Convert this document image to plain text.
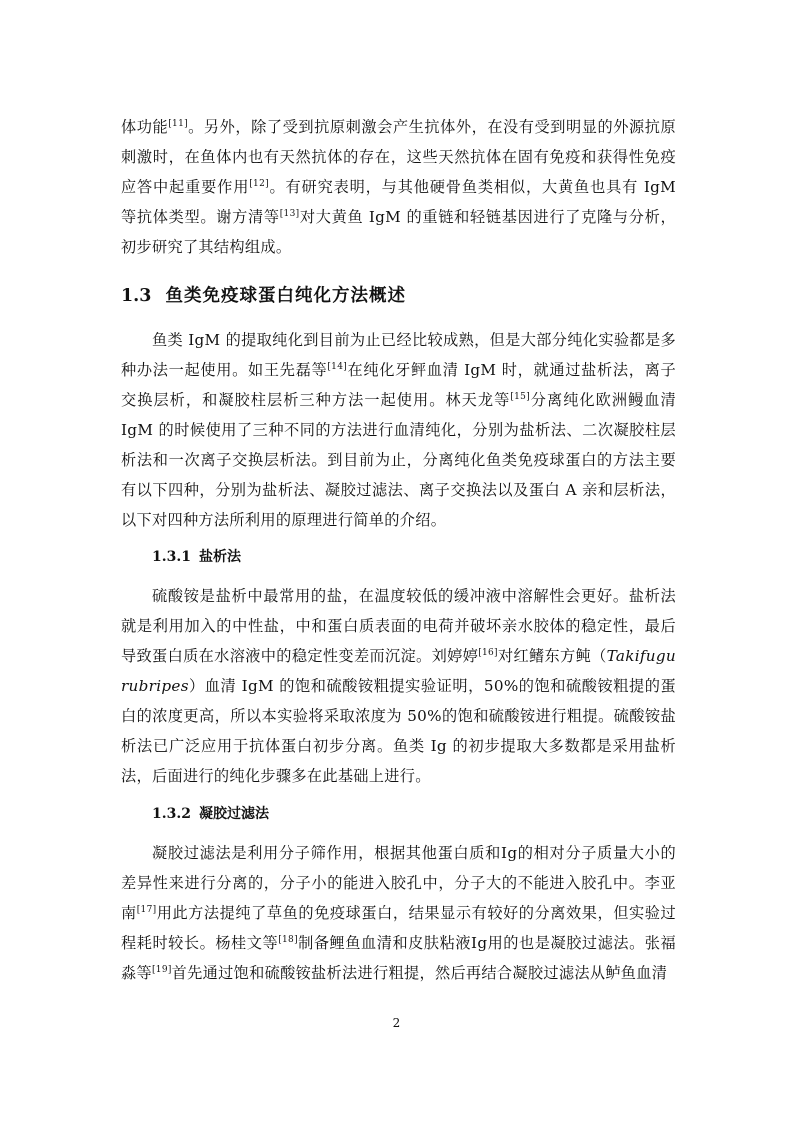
体功能[11]。另外，除了受到抗原刺激会产生抗体外，在没有受到明显的外源抗原刺激时，在鱼体内也有天然抗体的存在，这些天然抗体在固有免疫和获得性免疫应答中起重要作用[12]。有研究表明，与其他硬骨鱼类相似，大黄鱼也具有 IgM 等抗体类型。谢方清等[13]对大黄鱼 IgM 的重链和轻链基因进行了克隆与分析，初步研究了其结构组成。

1.3 鱼类免疫球蛋白纯化方法概述

鱼类 IgM 的提取纯化到目前为止已经比较成熟，但是大部分纯化实验都是多种办法一起使用。如王先磊等[14]在纯化牙鲆血清 IgM 时，就通过盐析法，离子交换层析，和凝胶柱层析三种方法一起使用。林天龙等[15]分离纯化欧洲鳗血清 IgM 的时候使用了三种不同的方法进行血清纯化，分别为盐析法、二次凝胶柱层析法和一次离子交换层析法。到目前为止，分离纯化鱼类免疫球蛋白的方法主要有以下四种，分别为盐析法、凝胶过滤法、离子交换法以及蛋白 A 亲和层析法，以下对四种方法所利用的原理进行简单的介绍。

1.3.1 盐析法

硫酸铵是盐析中最常用的盐，在温度较低的缓冲液中溶解性会更好。盐析法就是利用加入的中性盐，中和蛋白质表面的电荷并破坏亲水胶体的稳定性，最后导致蛋白质在水溶液中的稳定性变差而沉淀。刘婷婷[16]对红鳍东方鲀（Takifugu rubripes）血清 IgM 的饱和硫酸铵粗提实验证明，50%的饱和硫酸铵粗提的蛋白的浓度更高，所以本实验将采取浓度为 50%的饱和硫酸铵进行粗提。硫酸铵盐析法已广泛应用于抗体蛋白初步分离。鱼类 Ig 的初步提取大多数都是采用盐析法，后面进行的纯化步骤多在此基础上进行。

1.3.2 凝胶过滤法

凝胶过滤法是利用分子筛作用，根据其他蛋白质和Ig的相对分子质量大小的差异性来进行分离的，分子小的能进入胶孔中，分子大的不能进入胶孔中。李亚南[17]用此方法提纯了草鱼的免疫球蛋白，结果显示有较好的分离效果，但实验过程耗时较长。杨桂文等[18]制备鲤鱼血清和皮肤粘液Ig用的也是凝胶过滤法。张福淼等[19]首先通过饱和硫酸铵盐析法进行粗提，然后再结合凝胶过滤法从鲈鱼血清

2
